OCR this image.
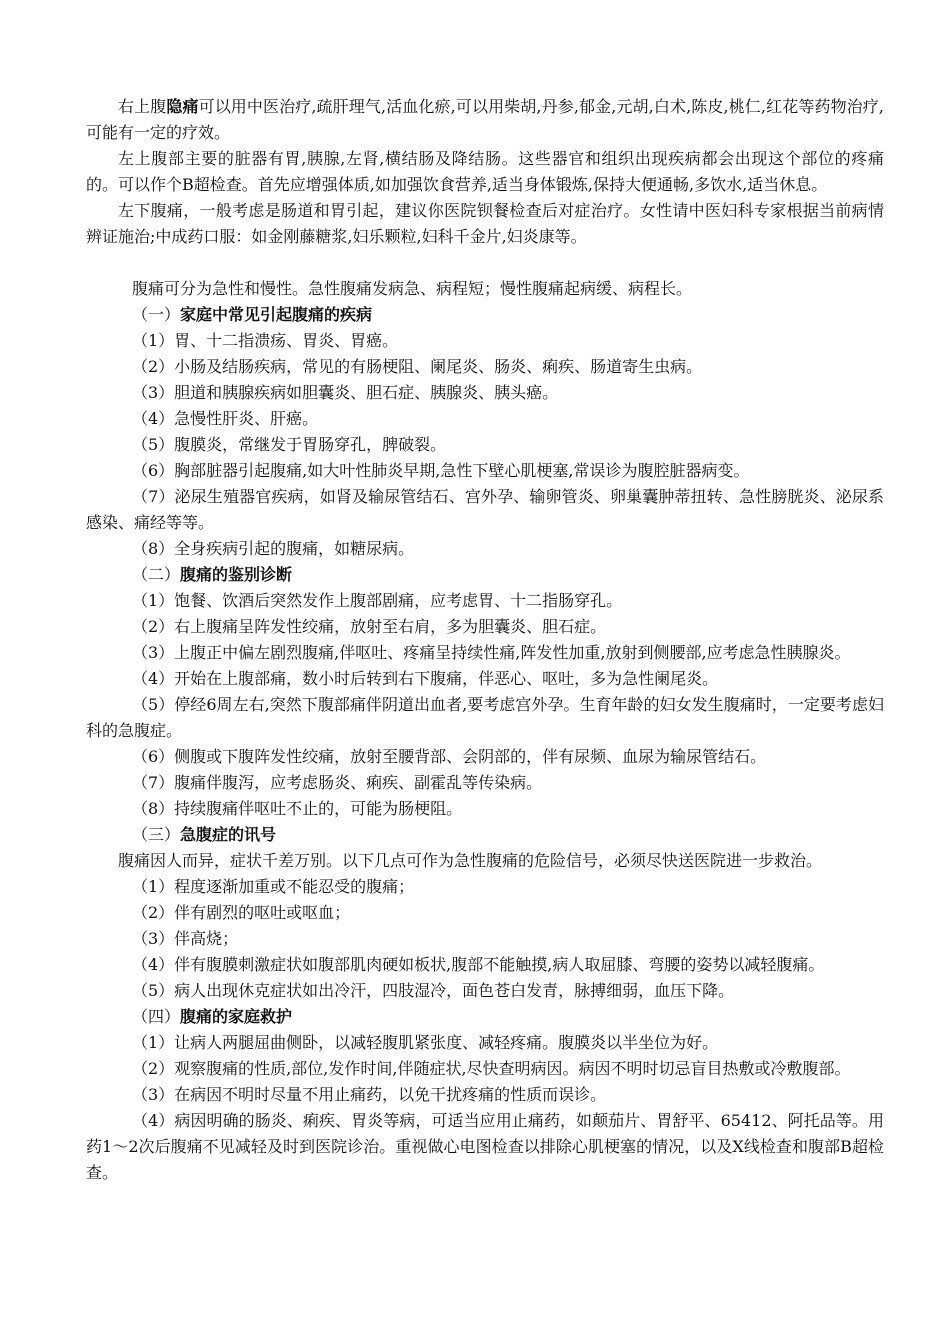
右上腹隐痛可以用中医治疗,疏肝理气,活血化瘀,可以用柴胡,丹参,郁金,元胡,白术,陈皮,桃仁,红花等药物治疗,可能有一定的疗效。

左上腹部主要的脏器有胃,胰腺,左肾,横结肠及降结肠。这些器官和组织出现疾病都会出现这个部位的疼痛的。可以作个B超检查。首先应增强体质,如加强饮食营养,适当身体锻炼,保持大便通畅,多饮水,适当休息。

左下腹痛，一般考虑是肠道和胃引起，建议你医院钡餐检查后对症治疗。女性请中医妇科专家根据当前病情辨证施治;中成药口服：如金刚藤糖浆,妇乐颗粒,妇科千金片,妇炎康等。

腹痛可分为急性和慢性。急性腹痛发病急、病程短；慢性腹痛起病缓、病程长。

（一）家庭中常见引起腹痛的疾病

（1）胃、十二指溃疡、胃炎、胃癌。

（2）小肠及结肠疾病，常见的有肠梗阻、阑尾炎、肠炎、痢疾、肠道寄生虫病。

（3）胆道和胰腺疾病如胆囊炎、胆石症、胰腺炎、胰头癌。

（4）急慢性肝炎、肝癌。

（5）腹膜炎，常继发于胃肠穿孔，脾破裂。

（6）胸部脏器引起腹痛,如大叶性肺炎早期,急性下壁心肌梗塞,常误诊为腹腔脏器病变。

（7）泌尿生殖器官疾病，如肾及输尿管结石、宫外孕、输卵管炎、卵巢囊肿蒂扭转、急性膀胱炎、泌尿系感染、痛经等等。

（8）全身疾病引起的腹痛，如糖尿病。

（二）腹痛的鉴别诊断

（1）饱餐、饮酒后突然发作上腹部剧痛，应考虑胃、十二指肠穿孔。

（2）右上腹痛呈阵发性绞痛，放射至右肩，多为胆囊炎、胆石症。

（3）上腹正中偏左剧烈腹痛,伴呕吐、疼痛呈持续性痛,阵发性加重,放射到侧腰部,应考虑急性胰腺炎。

（4）开始在上腹部痛，数小时后转到右下腹痛，伴恶心、呕吐，多为急性阑尾炎。

（5）停经6周左右,突然下腹部痛伴阴道出血者,要考虑宫外孕。生育年龄的妇女发生腹痛时，一定要考虑妇科的急腹症。

（6）侧腹或下腹阵发性绞痛，放射至腰背部、会阴部的，伴有尿频、血尿为输尿管结石。

（7）腹痛伴腹泻，应考虑肠炎、痢疾、副霍乱等传染病。

（8）持续腹痛伴呕吐不止的，可能为肠梗阻。

（三）急腹症的讯号

腹痛因人而异，症状千差万别。以下几点可作为急性腹痛的危险信号，必须尽快送医院进一步救治。

（1）程度逐渐加重或不能忍受的腹痛；

（2）伴有剧烈的呕吐或呕血；

（3）伴高烧；

（4）伴有腹膜刺激症状如腹部肌肉硬如板状,腹部不能触摸,病人取屈膝、弯腰的姿势以减轻腹痛。

（5）病人出现休克症状如出冷汗，四肢湿冷，面色苍白发青，脉搏细弱，血压下降。

（四）腹痛的家庭救护

（1）让病人两腿屈曲侧卧，以减轻腹肌紧张度、减轻疼痛。腹膜炎以半坐位为好。

（2）观察腹痛的性质,部位,发作时间,伴随症状,尽快查明病因。病因不明时切忌盲目热敷或冷敷腹部。

（3）在病因不明时尽量不用止痛药，以免干扰疼痛的性质而误诊。

（4）病因明确的肠炎、痢疾、胃炎等病，可适当应用止痛药，如颠茄片、胃舒平、65412、阿托品等。用药1～2次后腹痛不见减轻及时到医院诊治。重视做心电图检查以排除心肌梗塞的情况，以及X线检查和腹部B超检查。
